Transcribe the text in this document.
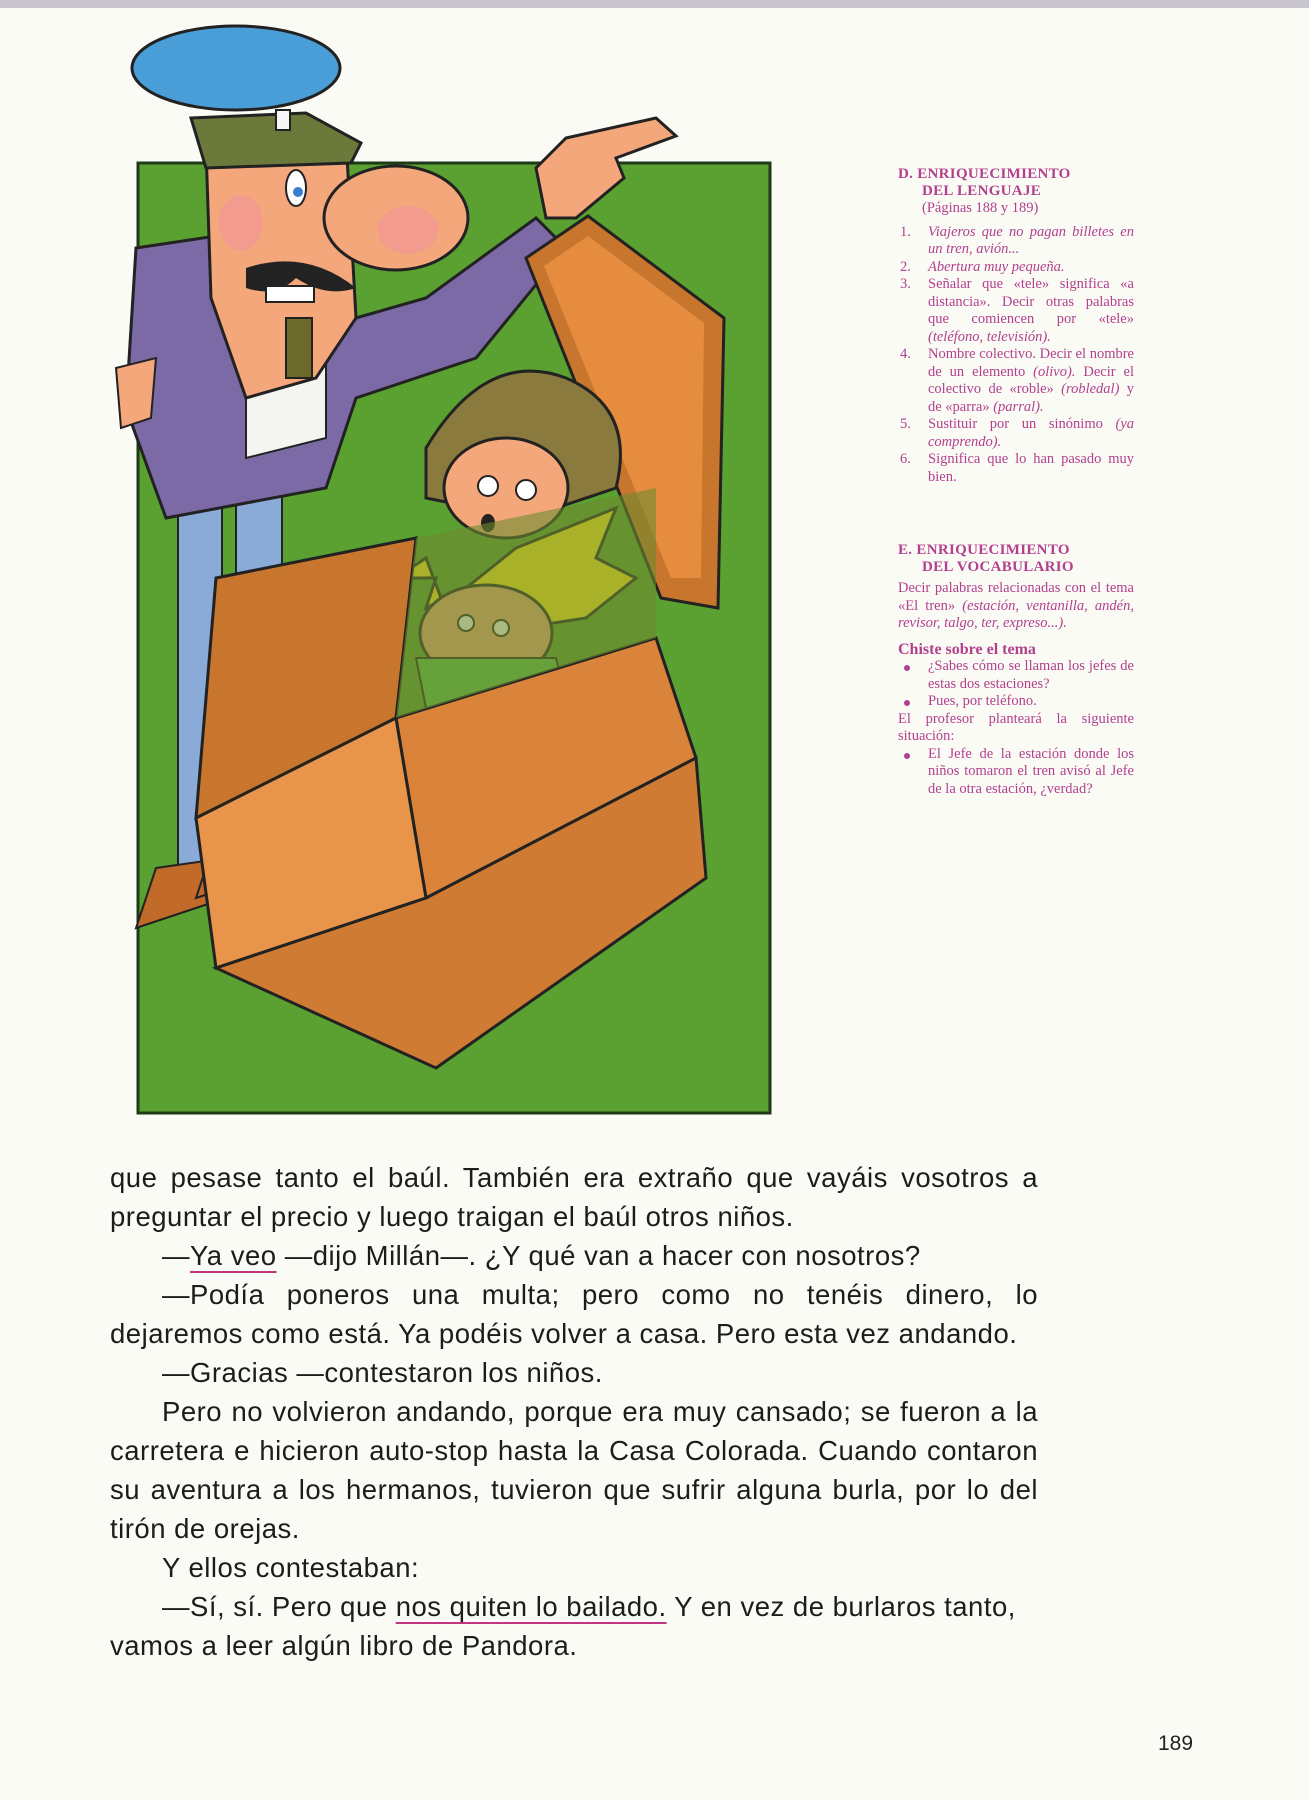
D. ENRIQUECIMIENTO
DEL LENGUAJE
(Páginas 188 y 189)
1. Viajeros que no pagan billetes en un tren, avión...
2. Abertura muy pequeña.
3. Señalar que «tele» significa «a distancia». Decir otras palabras que comiencen por «tele» (teléfono, televisión).
4. Nombre colectivo. Decir el nombre de un elemento (olivo). Decir el colectivo de «roble» (robledal) y de «parra» (parral).
5. Sustituir por un sinónimo (ya comprendo).
6. Significa que lo han pasado muy bien.
E. ENRIQUECIMIENTO
DEL VOCABULARIO
Decir palabras relacionadas con el tema «El tren» (estación, ventanilla, andén, revisor, talgo, ter, expreso...).
Chiste sobre el tema
¿Sabes cómo se llaman los jefes de estas dos estaciones?
Pues, por teléfono.
El profesor planteará la siguiente situación:
El Jefe de la estación donde los niños tomaron el tren avisó al Jefe de la otra estación, ¿verdad?

que pesase tanto el baúl. También era extraño que vayáis vosotros a preguntar el precio y luego traigan el baúl otros niños.

—Ya veo —dijo Millán—. ¿Y qué van a hacer con nosotros?

—Podía poneros una multa; pero como no tenéis dinero, lo dejaremos como está. Ya podéis volver a casa. Pero esta vez andando.

—Gracias —contestaron los niños.

Pero no volvieron andando, porque era muy cansado; se fueron a la carretera e hicieron auto-stop hasta la Casa Colorada. Cuando contaron su aventura a los hermanos, tuvieron que sufrir alguna burla, por lo del tirón de orejas.

Y ellos contestaban:

—Sí, sí. Pero que nos quiten lo bailado. Y en vez de burlaros tanto, vamos a leer algún libro de Pandora.

189
